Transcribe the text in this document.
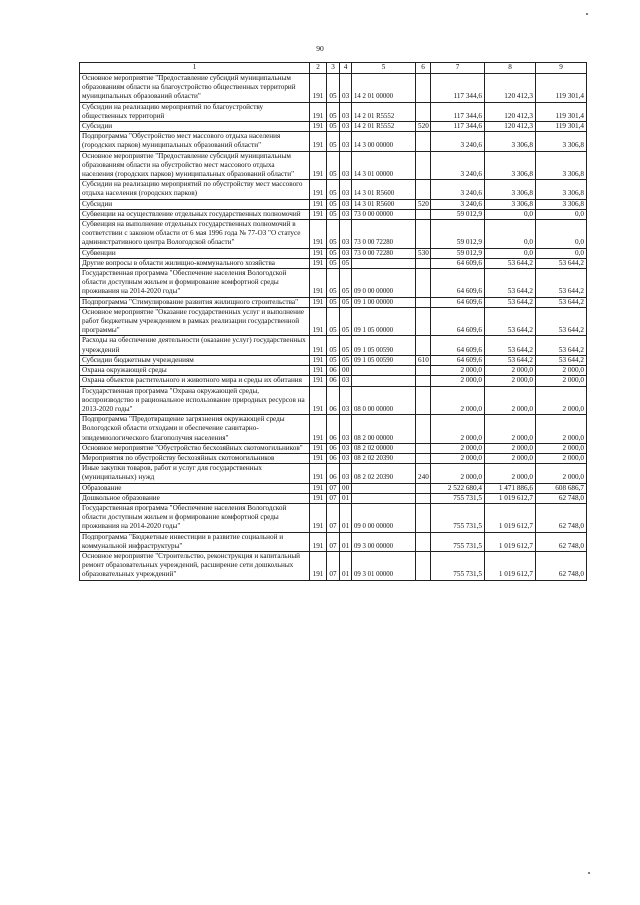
90
1	2	3	4	5	6	7	8	9
Основное мероприятие "Предоставление субсидий муниципальным образованиям области на благоустройство общественных территорий муниципальных образований области"	191	05	03	14 2 01 00000		117 344,6	120 412,3	119 301,4
Субсидии на реализацию мероприятий по благоустройству общественных территорий	191	05	03	14 2 01 R5552		117 344,6	120 412,3	119 301,4
Субсидии	191	05	03	14 2 01 R5552	520	117 344,6	120 412,3	119 301,4
Подпрограмма "Обустройство мест массового отдыха населения (городских парков) муниципальных образований области"	191	05	03	14 3 00 00000		3 240,6	3 306,8	3 306,8
Основное мероприятие "Предоставление субсидий муниципальным образованиям области на обустройство мест массового отдыха населения (городских парков) муниципальных образований области"	191	05	03	14 3 01 00000		3 240,6	3 306,8	3 306,8
Субсидии на реализацию мероприятий по обустройству мест массового отдыха населения (городских парков)	191	05	03	14 3 01 R5600		3 240,6	3 306,8	3 306,8
Субсидии	191	05	03	14 3 01 R5600	520	3 240,6	3 306,8	3 306,8
Субвенции на осуществление отдельных государственных полномочий	191	05	03	73 0 00 00000		59 012,9	0,0	0,0
Субвенция на выполнение отдельных государственных полномочий в соответствии с законом области от 6 мая 1996 года № 77-ОЗ "О статусе административного центра Вологодской области"	191	05	03	73 0 00 72280		59 012,9	0,0	0,0
Субвенции	191	05	03	73 0 00 72280	530	59 012,9	0,0	0,0
Другие вопросы в области жилищно-коммунального хозяйства	191	05	05			64 609,6	53 644,2	53 644,2
Государственная программа "Обеспечение населения Вологодской области доступным жильем и формирование комфортной среды проживания на 2014-2020 годы"	191	05	05	09 0 00 00000		64 609,6	53 644,2	53 644,2
Подпрограмма "Стимулирование развития жилищного строительства"	191	05	05	09 1 00 00000		64 609,6	53 644,2	53 644,2
Основное мероприятие "Оказание государственных услуг и выполнение работ бюджетным учреждением в рамках реализации государственной программы"	191	05	05	09 1 05 00000		64 609,6	53 644,2	53 644,2
Расходы на обеспечение деятельности (оказание услуг) государственных учреждений	191	05	05	09 1 05 00590		64 609,6	53 644,2	53 644,2
Субсидии бюджетным учреждениям	191	05	05	09 1 05 00590	610	64 609,6	53 644,2	53 644,2
Охрана окружающей среды	191	06	00			2 000,0	2 000,0	2 000,0
Охрана объектов растительного и животного мира и среды их обитания	191	06	03			2 000,0	2 000,0	2 000,0
Государственная программа "Охрана окружающей среды, воспроизводство и рациональное использование природных ресурсов на 2013-2020 годы"	191	06	03	08 0 00 00000		2 000,0	2 000,0	2 000,0
Подпрограмма "Предотвращение загрязнения окружающей среды Вологодской области отходами и обеспечение санитарно-эпидемиологического благополучия населения"	191	06	03	08 2 00 00000		2 000,0	2 000,0	2 000,0
Основное мероприятие "Обустройство бесхозяйных скотомогильников"	191	06	03	08 2 02 00000		2 000,0	2 000,0	2 000,0
Мероприятия по обустройству бесхозяйных скотомогильников	191	06	03	08 2 02 20390		2 000,0	2 000,0	2 000,0
Иные закупки товаров, работ и услуг для государственных (муниципальных) нужд	191	06	03	08 2 02 20390	240	2 000,0	2 000,0	2 000,0
Образование	191	07	00			2 522 680,4	1 471 886,6	608 686,7
Дошкольное образование	191	07	01			755 731,5	1 019 612,7	62 748,0
Государственная программа "Обеспечение населения Вологодской области доступным жильем и формирование комфортной среды проживания на 2014-2020 годы"	191	07	01	09 0 00 00000		755 731,5	1 019 612,7	62 748,0
Подпрограмма "Бюджетные инвестиции в развитие социальной и коммунальной инфраструктуры"	191	07	01	09 3 00 00000		755 731,5	1 019 612,7	62 748,0
Основное мероприятие "Строительство, реконструкция и капитальный ремонт образовательных учреждений, расширение сети дошкольных образовательных учреждений"	191	07	01	09 3 01 00000		755 731,5	1 019 612,7	62 748,0
